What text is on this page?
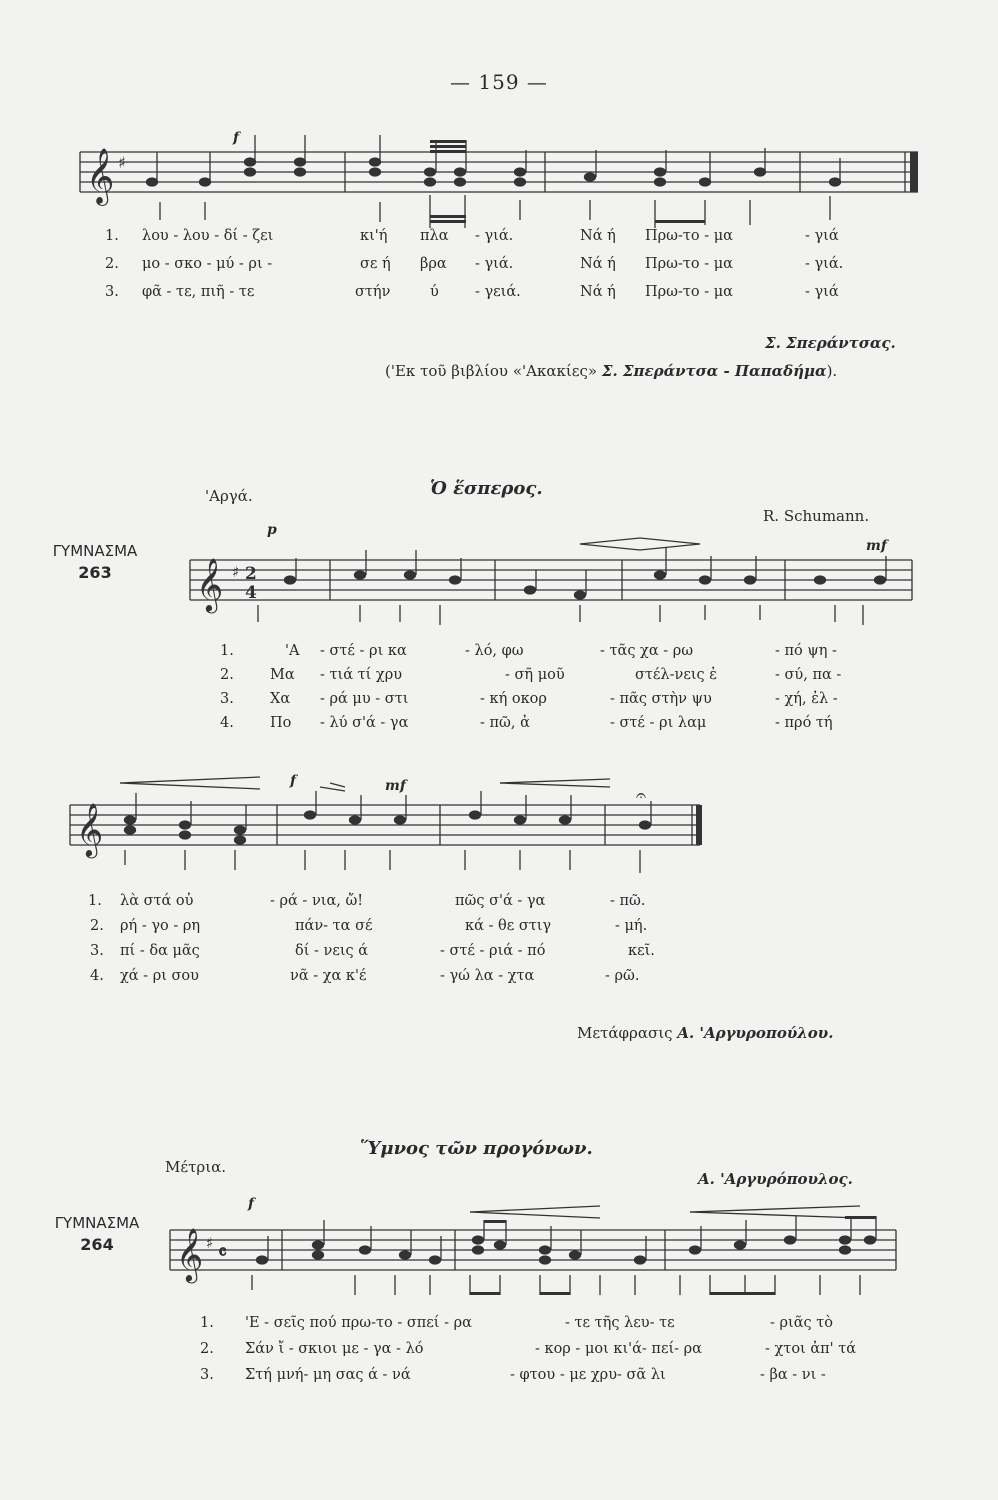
— 159 —
𝄞 ♯
f
1. λου - λου - δί - ζει	κι'ή πλα - γιά.	Νά ή Πρω-το - μα	- γιά
2. μο - σκο - μύ - ρι -	σε ή βρα - γιά.	Νά ή Πρω-το - μα	- γιά.
3. φᾶ - τε, πιῆ - τε	στήν	ύ - γειά.	Νά ή Πρω-το - μα	- γιά
Σ. Σπεράντσας.
('Εκ τοῦ βιβλίου «'Ακακίες» Σ. Σπεράντσα - Παπαδήμα).
Ὁ ἕσπερος.
'Αργά.
R. Schumann.
ΓΥΜΝΑΣΜΑ
263	𝄞 ♯ 2
4
p
mf
1.	'Α - στέ - ρι κα	- λό, φω	- τᾶς χα - ρω	- πό ψη -
2. Μα - τιά τί χρυ	- σῆ μοῦ	στέλ-νεις ἐ	- σύ, πα -
3. Χα - ρά μυ - στι	- κή οκορ	- πᾶς στὴν ψυ	- χή, ἐλ -
4. Πο - λύ σ'ά - γα	- πῶ, ἀ	- στέ - ρι λαμ	- πρό τή
𝄞
𝄐
f	mf
1. λὰ στά οὐ	- ρά - νια, ὤ!	πῶς σ'ά - γα	- πῶ.
2. ρή - γο - ρη	πάν- τα σέ	κά - θε στιγ	- μή.
3. πί - δα μᾶς	δί - νεις ά	- στέ - ριά - πό	κεῖ.
4. χά - ρι σου	νᾶ - χα κ'έ	- γώ λα - χτα	- ρῶ.
Μετάφρασις Α. 'Αργυροπούλου.
Ὕμνος τῶν προγόνων.
Μέτρια.
Α. 'Αργυρόπουλος.
ΓΥΜΝΑΣΜΑ
264	𝄞 ♯ 𝄴
f
1. 'Ε - σεῖς πού πρω-το - σπεί - ρα	- τε τῆς λευ- τε	- ριᾶς τὸ
2. Σάν ἴ - σκιοι με - γα - λό	- κορ - μοι κι'ά- πεί- ρα	- χτοι ἀπ' τά
3. Στή μνή- μη σας ά - νά	- φτου - με χρυ- σᾶ λι	- βα - νι -
